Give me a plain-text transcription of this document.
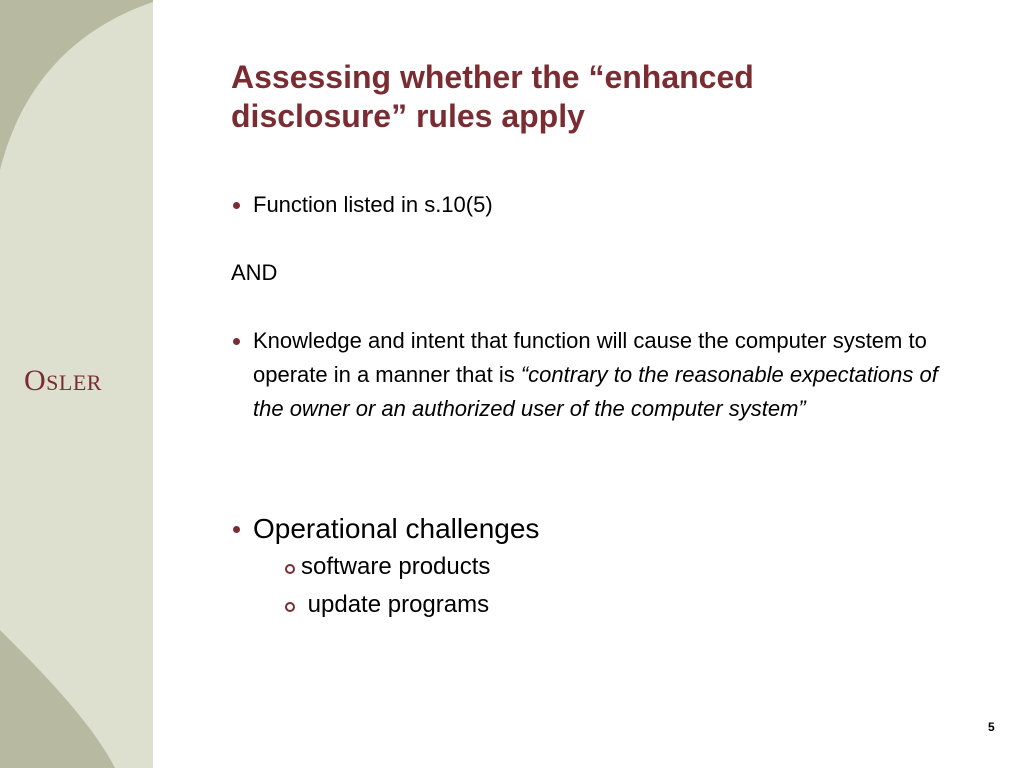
OSLER
Assessing whether the “enhanced
disclosure” rules apply
Function listed in s.10(5)
AND
Knowledge and intent that function will cause the computer system to operate in a manner that is “contrary to the reasonable expectations of the owner or an authorized user of the computer system”
Operational challenges
software products
update programs
5
